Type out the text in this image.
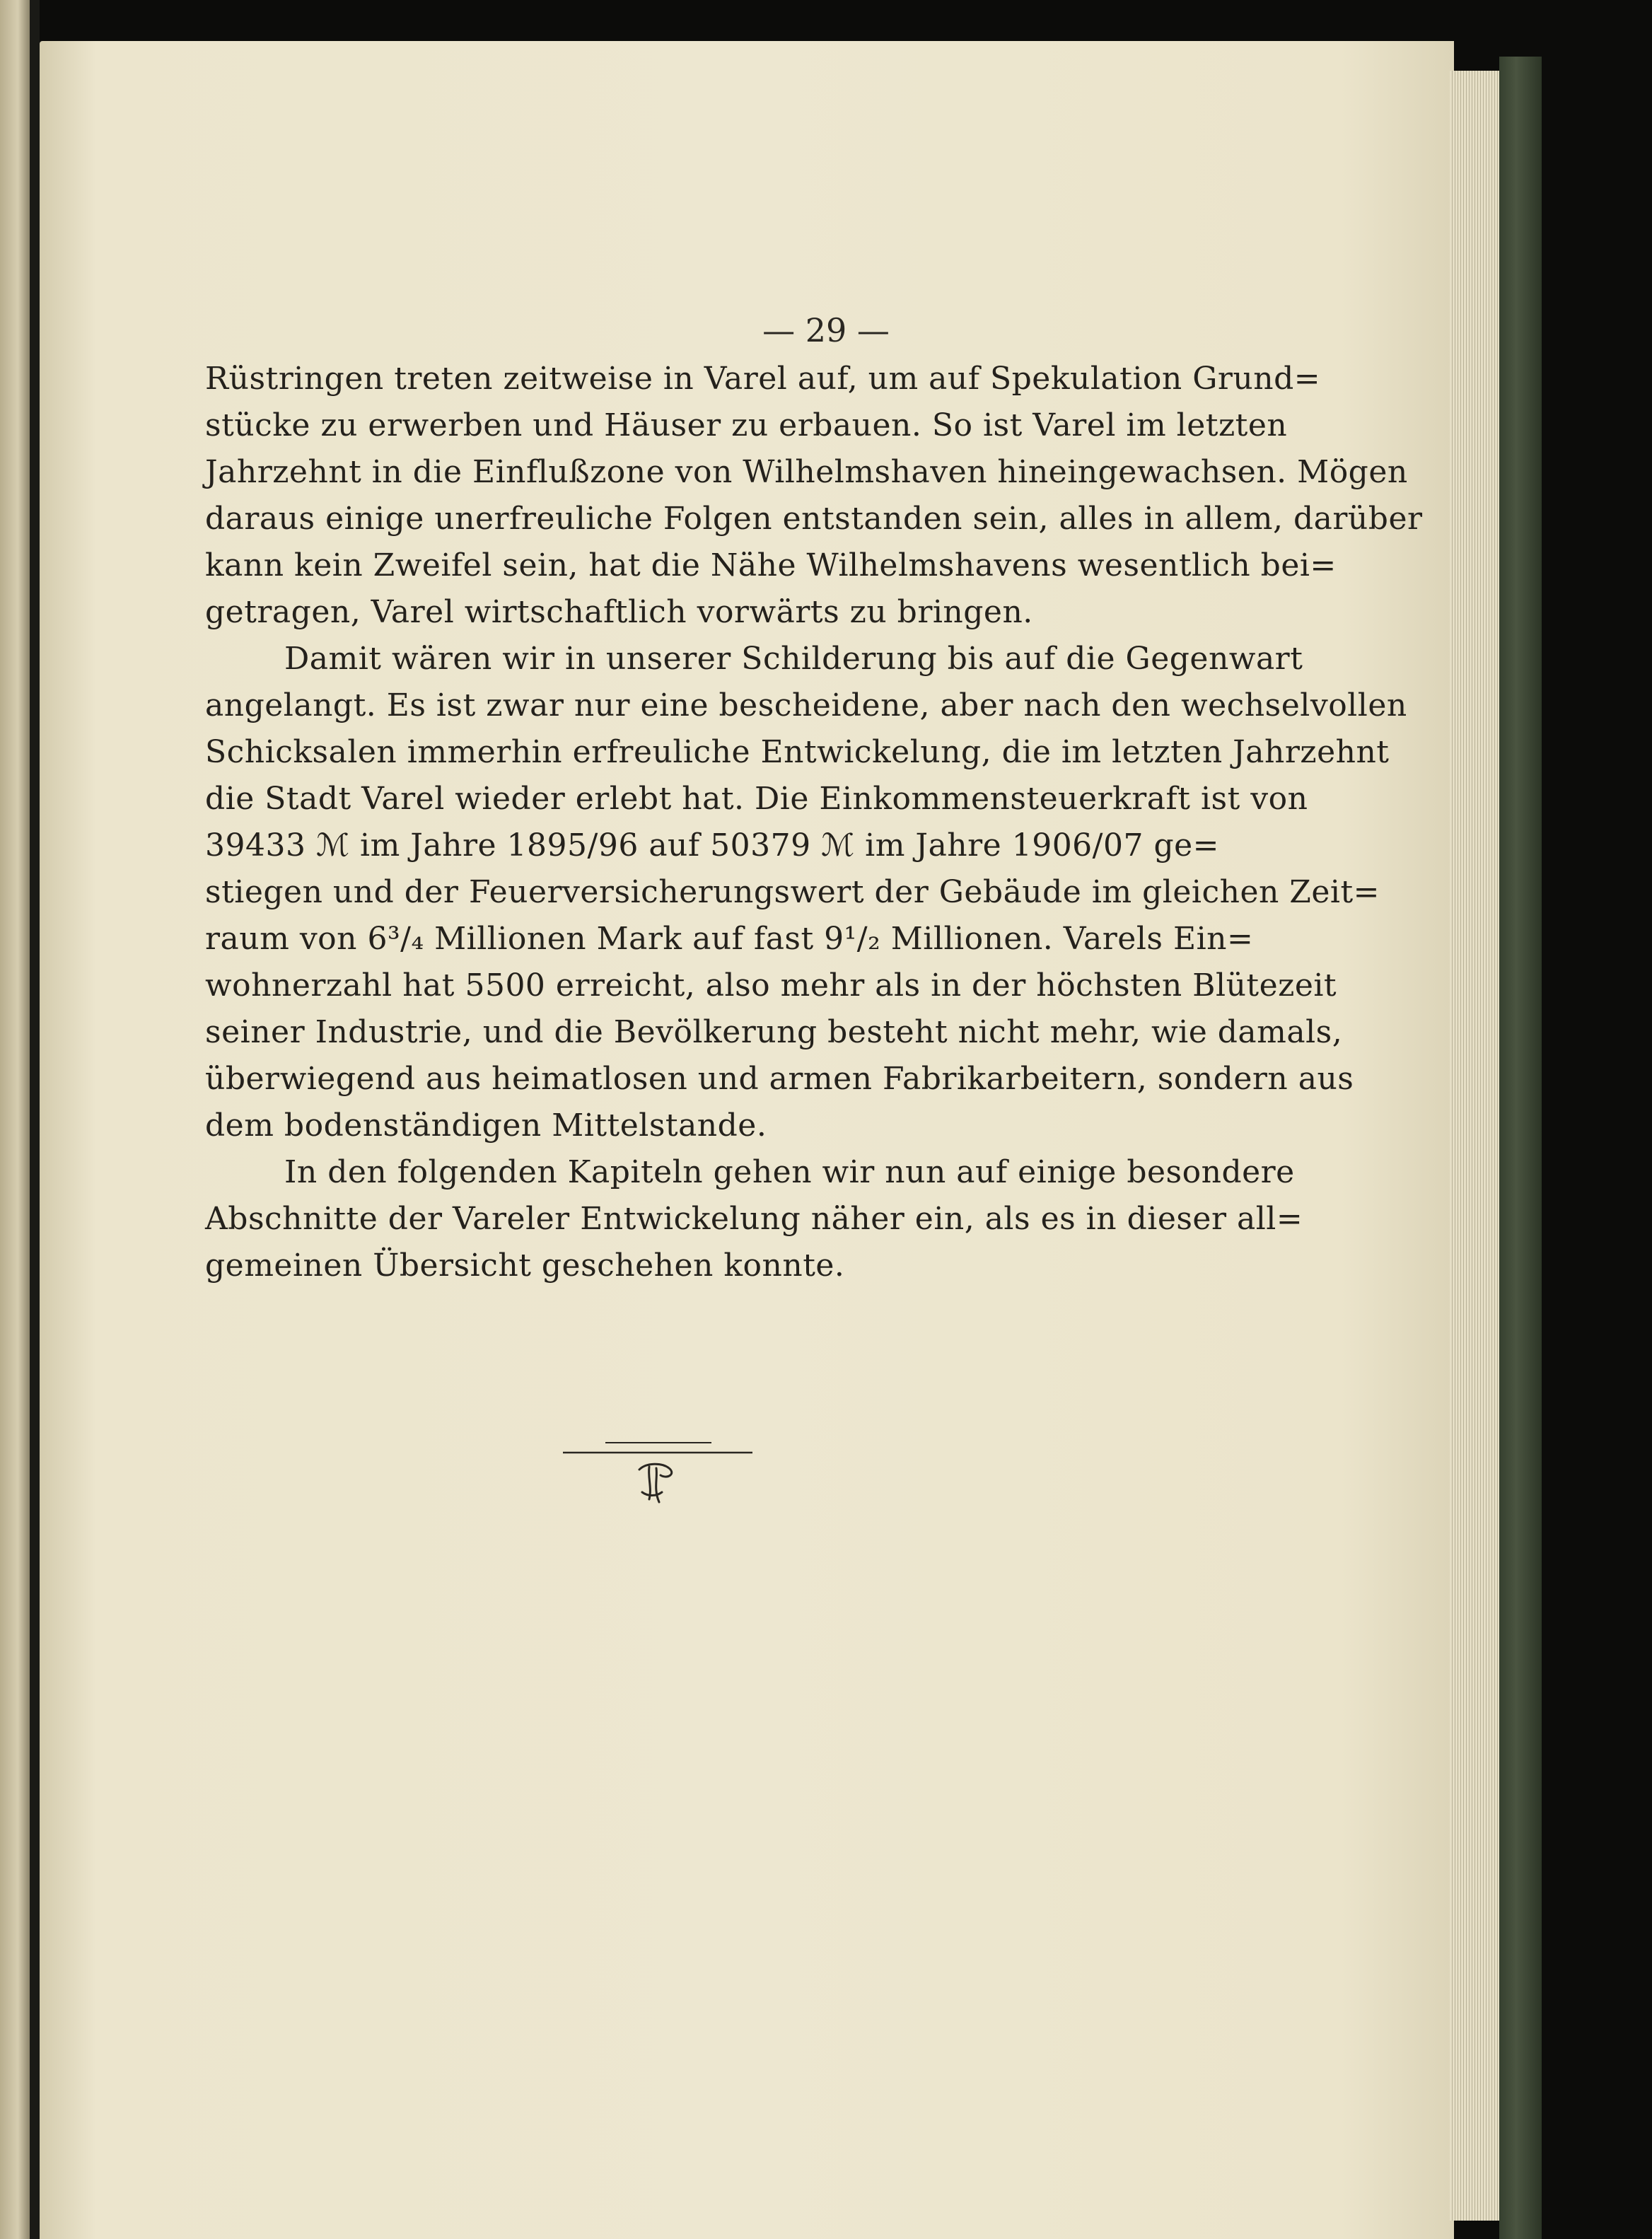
— 29 —
Rüstringen treten zeitweise in Varel auf, um auf Spekulation Grund=
stücke zu erwerben und Häuser zu erbauen. So ist Varel im letzten
Jahrzehnt in die Einflußzone von Wilhelmshaven hineingewachsen. Mögen
daraus einige unerfreuliche Folgen entstanden sein, alles in allem, darüber
kann kein Zweifel sein, hat die Nähe Wilhelmshavens wesentlich bei=
getragen, Varel wirtschaftlich vorwärts zu bringen.
Damit wären wir in unserer Schilderung bis auf die Gegenwart
angelangt. Es ist zwar nur eine bescheidene, aber nach den wechselvollen
Schicksalen immerhin erfreuliche Entwickelung, die im letzten Jahrzehnt
die Stadt Varel wieder erlebt hat. Die Einkommensteuerkraft ist von
39433 ℳ im Jahre 1895/96 auf 50379 ℳ im Jahre 1906/07 ge=
stiegen und der Feuerversicherungswert der Gebäude im gleichen Zeit=
raum von 6³/₄ Millionen Mark auf fast 9¹/₂ Millionen. Varels Ein=
wohnerzahl hat 5500 erreicht, also mehr als in der höchsten Blütezeit
seiner Industrie, und die Bevölkerung besteht nicht mehr, wie damals,
überwiegend aus heimatlosen und armen Fabrikarbeitern, sondern aus
dem bodenständigen Mittelstande.
In den folgenden Kapiteln gehen wir nun auf einige besondere
Abschnitte der Vareler Entwickelung näher ein, als es in dieser all=
gemeinen Übersicht geschehen konnte.
